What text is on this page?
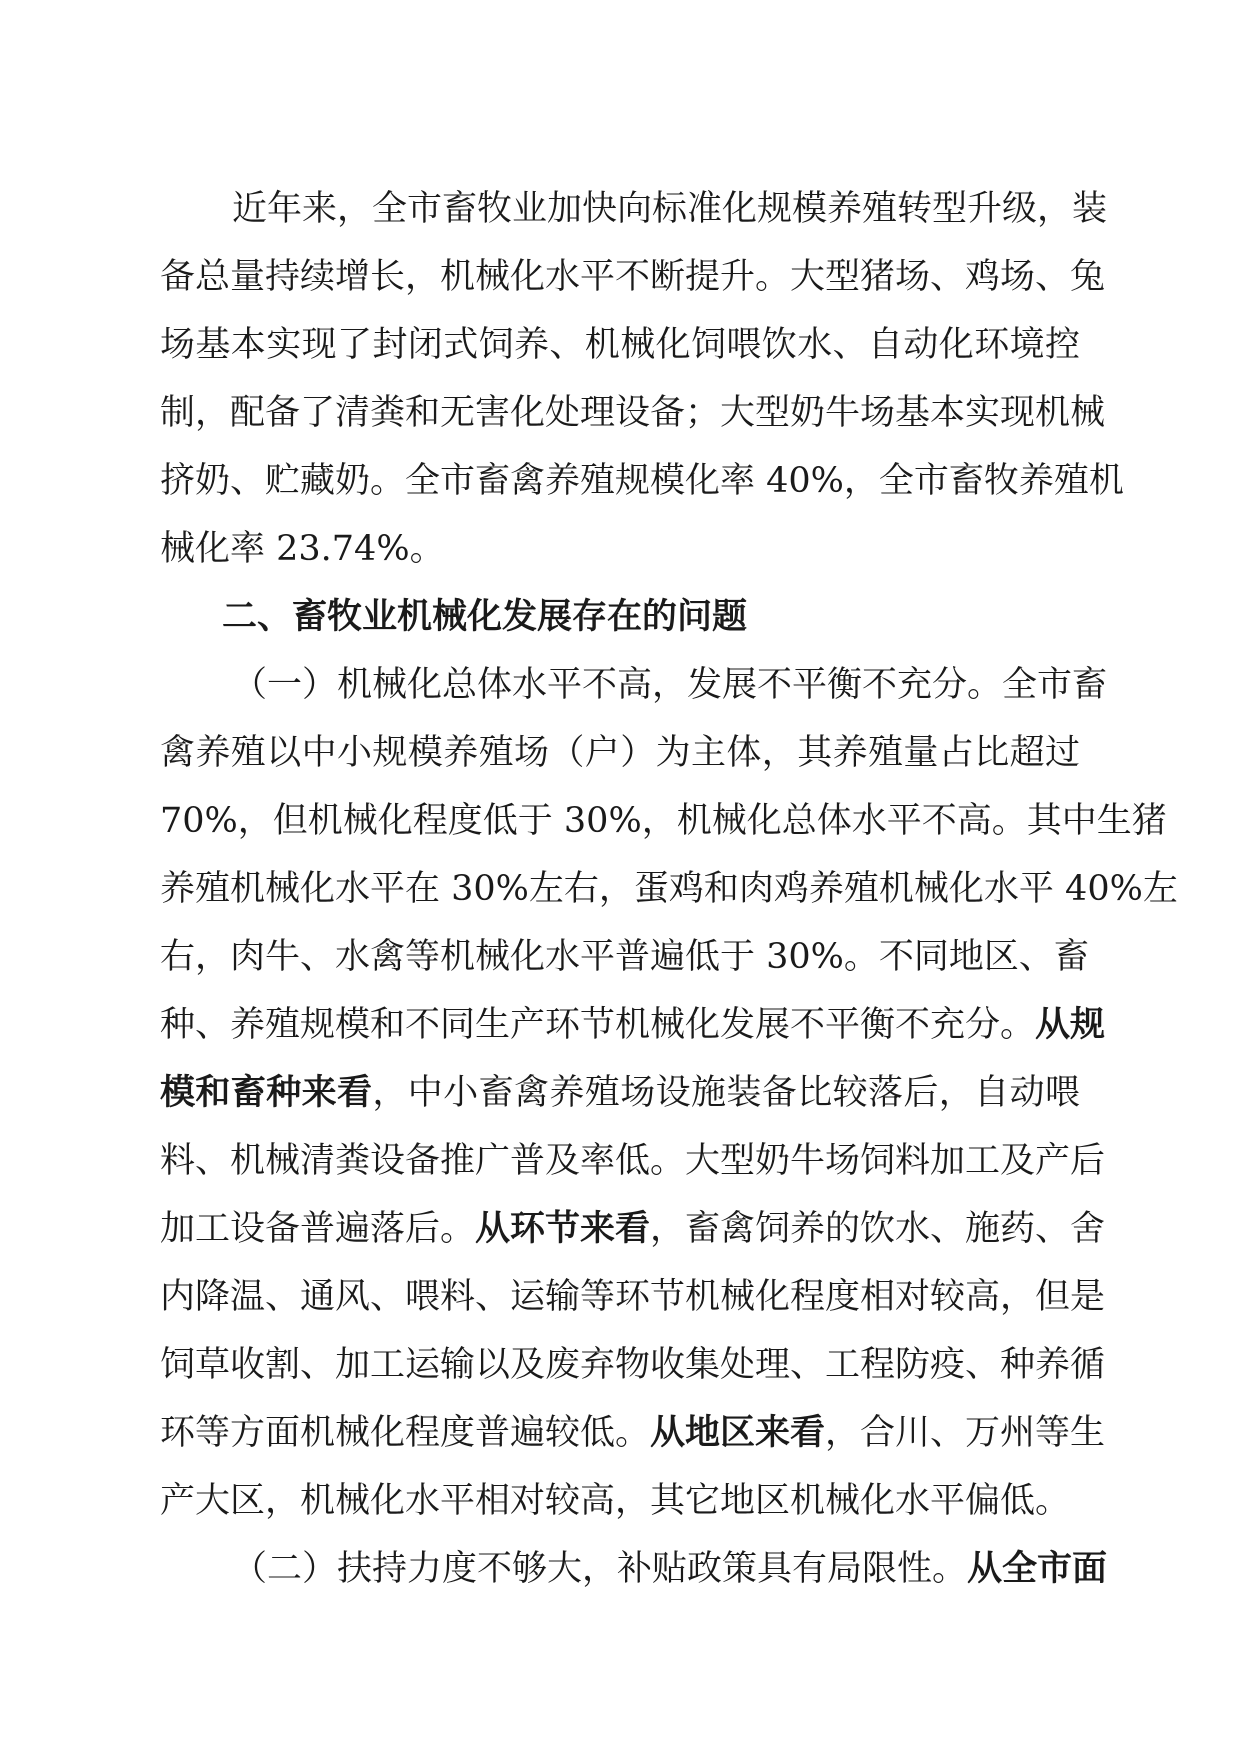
近年来，全市畜牧业加快向标准化规模养殖转型升级，装
备总量持续增长，机械化水平不断提升。大型猪场、鸡场、兔
场基本实现了封闭式饲养、机械化饲喂饮水、自动化环境控
制，配备了清粪和无害化处理设备；大型奶牛场基本实现机械
挤奶、贮藏奶。全市畜禽养殖规模化率 40%，全市畜牧养殖机
械化率 23.74%。
二、畜牧业机械化发展存在的问题
（一）机械化总体水平不高，发展不平衡不充分。全市畜
禽养殖以中小规模养殖场（户）为主体，其养殖量占比超过
70%，但机械化程度低于 30%，机械化总体水平不高。其中生猪
养殖机械化水平在 30%左右，蛋鸡和肉鸡养殖机械化水平 40%左
右，肉牛、水禽等机械化水平普遍低于 30%。不同地区、畜
种、养殖规模和不同生产环节机械化发展不平衡不充分。从规
模和畜种来看，中小畜禽养殖场设施装备比较落后，自动喂
料、机械清粪设备推广普及率低。大型奶牛场饲料加工及产后
加工设备普遍落后。从环节来看，畜禽饲养的饮水、施药、舍
内降温、通风、喂料、运输等环节机械化程度相对较高，但是
饲草收割、加工运输以及废弃物收集处理、工程防疫、种养循
环等方面机械化程度普遍较低。从地区来看，合川、万州等生
产大区，机械化水平相对较高，其它地区机械化水平偏低。
（二）扶持力度不够大，补贴政策具有局限性。从全市面
